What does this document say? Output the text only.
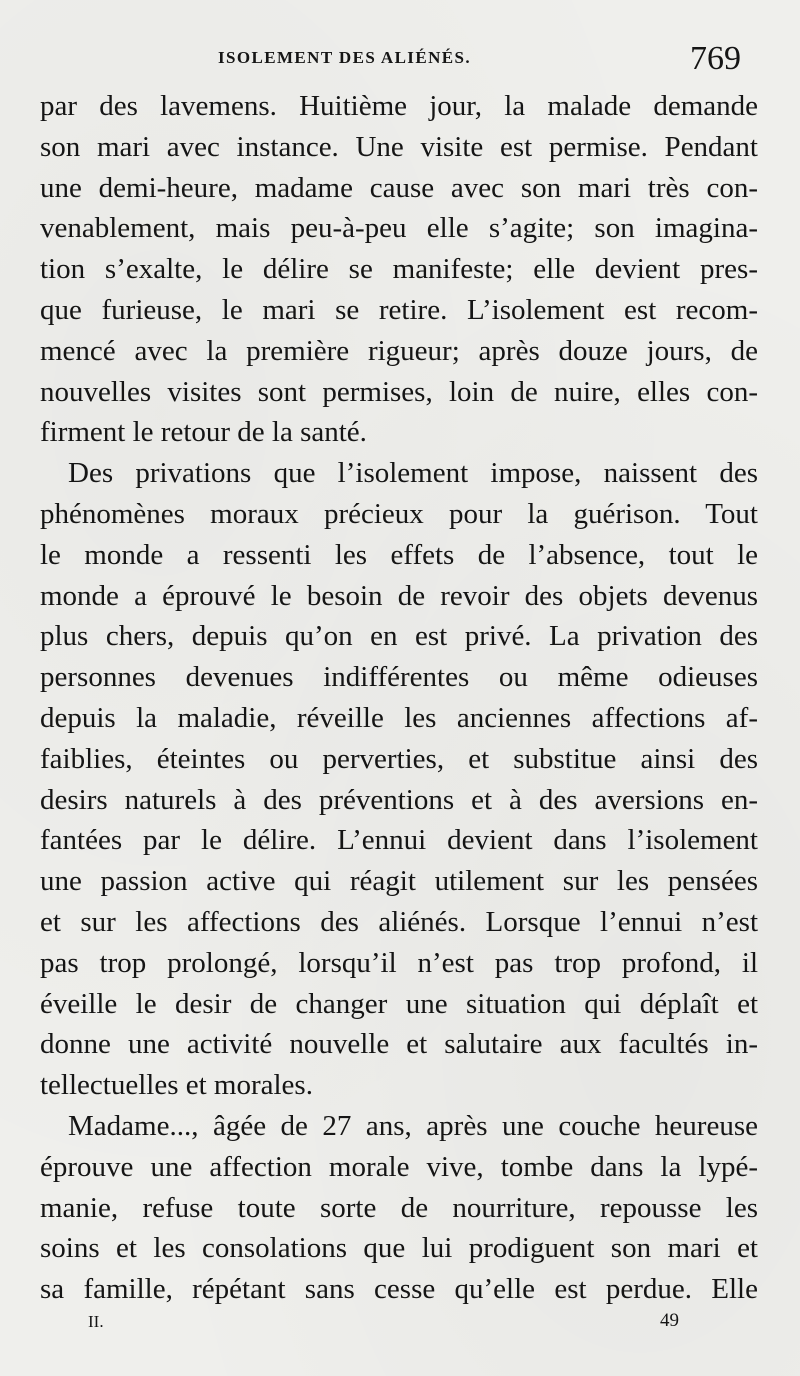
ISOLEMENT DES ALIÉNÉS.	769
par des lavemens. Huitième jour, la malade demande
son mari avec instance. Une visite est permise. Pendant
une demi-heure, madame cause avec son mari très con-
venablement, mais peu-à-peu elle s’agite; son imagina-
tion s’exalte, le délire se manifeste; elle devient pres-
que furieuse, le mari se retire. L’isolement est recom-
mencé avec la première rigueur; après douze jours, de
nouvelles visites sont permises, loin de nuire, elles con-
firment le retour de la santé.
Des privations que l’isolement impose, naissent des
phénomènes moraux précieux pour la guérison. Tout
le monde a ressenti les effets de l’absence, tout le
monde a éprouvé le besoin de revoir des objets devenus
plus chers, depuis qu’on en est privé. La privation des
personnes devenues indifférentes ou même odieuses
depuis la maladie, réveille les anciennes affections af-
faiblies, éteintes ou perverties, et substitue ainsi des
desirs naturels à des préventions et à des aversions en-
fantées par le délire. L’ennui devient dans l’isolement
une passion active qui réagit utilement sur les pensées
et sur les affections des aliénés. Lorsque l’ennui n’est
pas trop prolongé, lorsqu’il n’est pas trop profond, il
éveille le desir de changer une situation qui déplaît et
donne une activité nouvelle et salutaire aux facultés in-
tellectuelles et morales.
Madame..., âgée de 27 ans, après une couche heureuse
éprouve une affection morale vive, tombe dans la lypé-
manie, refuse toute sorte de nourriture, repousse les
soins et les consolations que lui prodiguent son mari et
sa famille, répétant sans cesse qu’elle est perdue. Elle
II.	49
